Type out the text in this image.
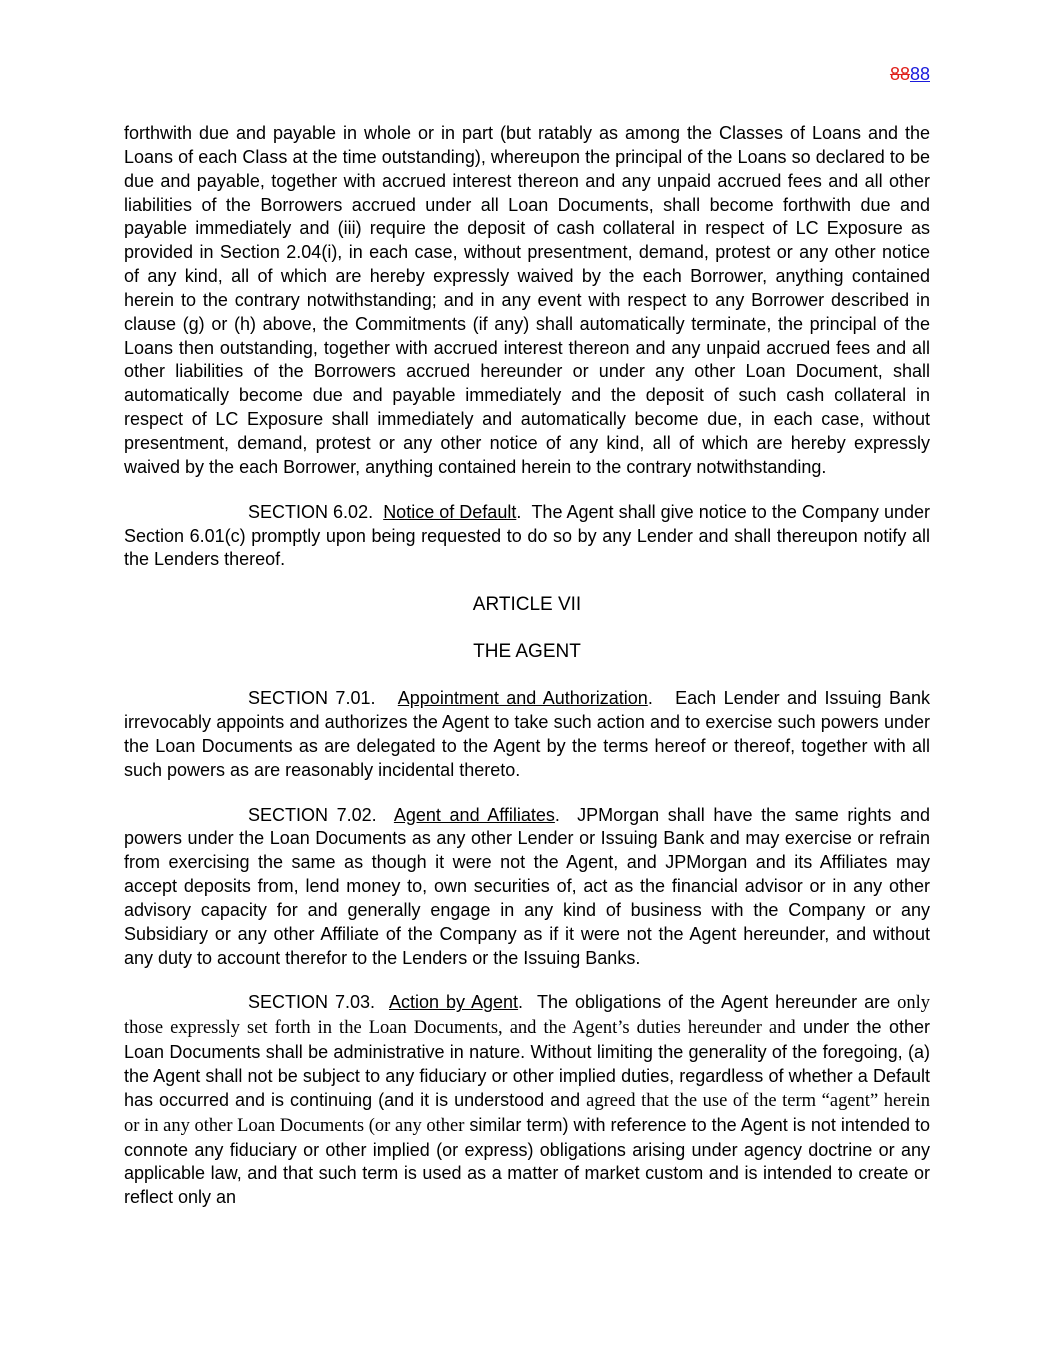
8888

forthwith due and payable in whole or in part (but ratably as among the Classes of Loans and the Loans of each Class at the time outstanding), whereupon the principal of the Loans so declared to be due and payable, together with accrued interest thereon and any unpaid accrued fees and all other liabilities of the Borrowers accrued under all Loan Documents, shall become forthwith due and payable immediately and (iii) require the deposit of cash collateral in respect of LC Exposure as provided in Section 2.04(i), in each case, without presentment, demand, protest or any other notice of any kind, all of which are hereby expressly waived by the each Borrower, anything contained herein to the contrary notwithstanding; and in any event with respect to any Borrower described in clause (g) or (h) above, the Commitments (if any) shall automatically terminate, the principal of the Loans then outstanding, together with accrued interest thereon and any unpaid accrued fees and all other liabilities of the Borrowers accrued hereunder or under any other Loan Document, shall automatically become due and payable immediately and the deposit of such cash collateral in respect of LC Exposure shall immediately and automatically become due, in each case, without presentment, demand, protest or any other notice of any kind, all of which are hereby expressly waived by the each Borrower, anything contained herein to the contrary notwithstanding.

SECTION 6.02. Notice of Default.  The Agent shall give notice to the Company under Section 6.01(c) promptly upon being requested to do so by any Lender and shall thereupon notify all the Lenders thereof.

ARTICLE VII
THE AGENT

SECTION 7.01. Appointment and Authorization.   Each Lender and Issuing Bank irrevocably appoints and authorizes the Agent to take such action and to exercise such powers under the Loan Documents as are delegated to the Agent by the terms hereof or thereof, together with all such powers as are reasonably incidental thereto.

SECTION 7.02. Agent and Affiliates.  JPMorgan shall have the same rights and powers under the Loan Documents as any other Lender or Issuing Bank and may exercise or refrain from exercising the same as though it were not the Agent, and JPMorgan and its Affiliates may accept deposits from, lend money to, own securities of, act as the financial advisor or in any other advisory capacity for and generally engage in any kind of business with the Company or any Subsidiary or any other Affiliate of the Company as if it were not the Agent hereunder, and without any duty to account therefor to the Lenders or the Issuing Banks.

SECTION 7.03. Action by Agent.  The obligations of the Agent hereunder are only those expressly set forth in the Loan Documents, and the Agent’s duties hereunder and under the other Loan Documents shall be administrative in nature. Without limiting the generality of the foregoing, (a) the Agent shall not be subject to any fiduciary or other implied duties, regardless of whether a Default has occurred and is continuing (and it is understood and agreed that the use of the term “agent” herein or in any other Loan Documents (or any other similar term) with reference to the Agent is not intended to connote any fiduciary or other implied (or express) obligations arising under agency doctrine or any applicable law, and that such term is used as a matter of market custom and is intended to create or reflect only an
